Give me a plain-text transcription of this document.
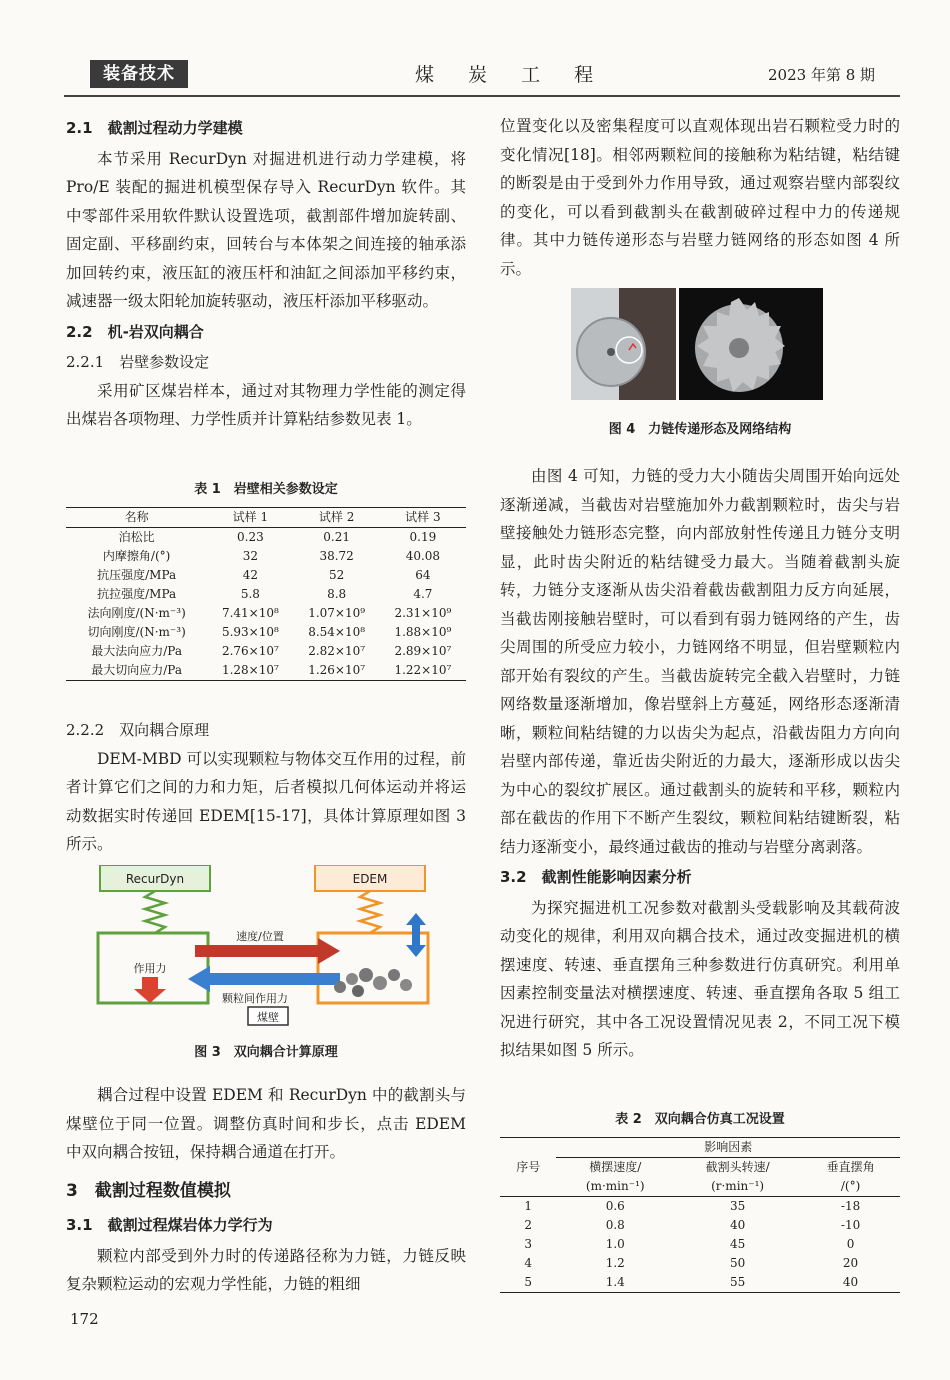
装备技术	煤 炭 工 程	2023 年第 8 期
2.1　截割过程动力学建模

本节采用 RecurDyn 对掘进机进行动力学建模，将 Pro/E 装配的掘进机模型保存导入 RecurDyn 软件。其中零部件采用软件默认设置选项，截割部件增加旋转副、固定副、平移副约束，回转台与本体架之间连接的轴承添加回转约束，液压缸的液压杆和油缸之间添加平移约束，减速器一级太阳轮加旋转驱动，液压杆添加平移驱动。

2.2　机-岩双向耦合
2.2.1　岩壁参数设定

采用矿区煤岩样本，通过对其物理力学性能的测定得出煤岩各项物理、力学性质并计算粘结参数见表 1。

表 1　岩壁相关参数设定
名称	试样 1	试样 2	试样 3
泊松比	0.23	0.21	0.19
内摩擦角/(°)	32	38.72	40.08
抗压强度/MPa	42	52	64
抗拉强度/MPa	5.8	8.8	4.7
法向刚度/(N·m⁻³)	7.41×10⁸	1.07×10⁹	2.31×10⁹
切向刚度/(N·m⁻³)	5.93×10⁸	8.54×10⁸	1.88×10⁹
最大法向应力/Pa	2.76×10⁷	2.82×10⁷	2.89×10⁷
最大切向应力/Pa	1.28×10⁷	1.26×10⁷	1.22×10⁷
2.2.2　双向耦合原理

DEM-MBD 可以实现颗粒与物体交互作用的过程，前者计算它们之间的力和力矩，后者模拟几何体运动并将运动数据实时传递回 EDEM[15-17]，具体计算原理如图 3 所示。

RecurDyn	EDEM
速度/位置
颗粒间作用力
作用力
煤壁
图 3　双向耦合计算原理

耦合过程中设置 EDEM 和 RecurDyn 中的截割头与煤壁位于同一位置。调整仿真时间和步长，点击 EDEM 中双向耦合按钮，保持耦合通道在打开。

3　截割过程数值模拟
3.1　截割过程煤岩体力学行为

颗粒内部受到外力时的传递路径称为力链，力链反映复杂颗粒运动的宏观力学性能，力链的粗细

位置变化以及密集程度可以直观体现出岩石颗粒受力时的变化情况[18]。相邻两颗粒间的接触称为粘结键，粘结键的断裂是由于受到外力作用导致，通过观察岩壁内部裂纹的变化，可以看到截割头在截割破碎过程中力的传递规律。其中力链传递形态与岩壁力链网络的形态如图 4 所示。

图 4　力链传递形态及网络结构

由图 4 可知，力链的受力大小随齿尖周围开始向远处逐渐递减，当截齿对岩壁施加外力截割颗粒时，齿尖与岩壁接触处力链形态完整，向内部放射性传递且力链分支明显，此时齿尖附近的粘结键受力最大。当随着截割头旋转，力链分支逐渐从齿尖沿着截齿截割阻力反方向延展，当截齿刚接触岩壁时，可以看到有弱力链网络的产生，齿尖周围的所受应力较小，力链网络不明显，但岩壁颗粒内部开始有裂纹的产生。当截齿旋转完全截入岩壁时，力链网络数量逐渐增加，像岩壁斜上方蔓延，网络形态逐渐清晰，颗粒间粘结键的力以齿尖为起点，沿截齿阻力方向向岩壁内部传递，靠近齿尖附近的力最大，逐渐形成以齿尖为中心的裂纹扩展区。通过截割头的旋转和平移，颗粒内部在截齿的作用下不断产生裂纹，颗粒间粘结键断裂，粘结力逐渐变小，最终通过截齿的推动与岩壁分离剥落。

3.2　截割性能影响因素分析

为探究掘进机工况参数对截割头受载影响及其载荷波动变化的规律，利用双向耦合技术，通过改变掘进机的横摆速度、转速、垂直摆角三种参数进行仿真研究。利用单因素控制变量法对横摆速度、转速、垂直摆角各取 5 组工况进行研究，其中各工况设置情况见表 2，不同工况下模拟结果如图 5 所示。

表 2　双向耦合仿真工况设置
序号	影响因素		
	横摆速度/	截割头转速/	垂直摆角
	(m·min⁻¹)	(r·min⁻¹)	/(°)
1	0.6	35	-18
2	0.8	40	-10
3	1.0	45	0
4	1.2	50	20
5	1.4	55	40
172
